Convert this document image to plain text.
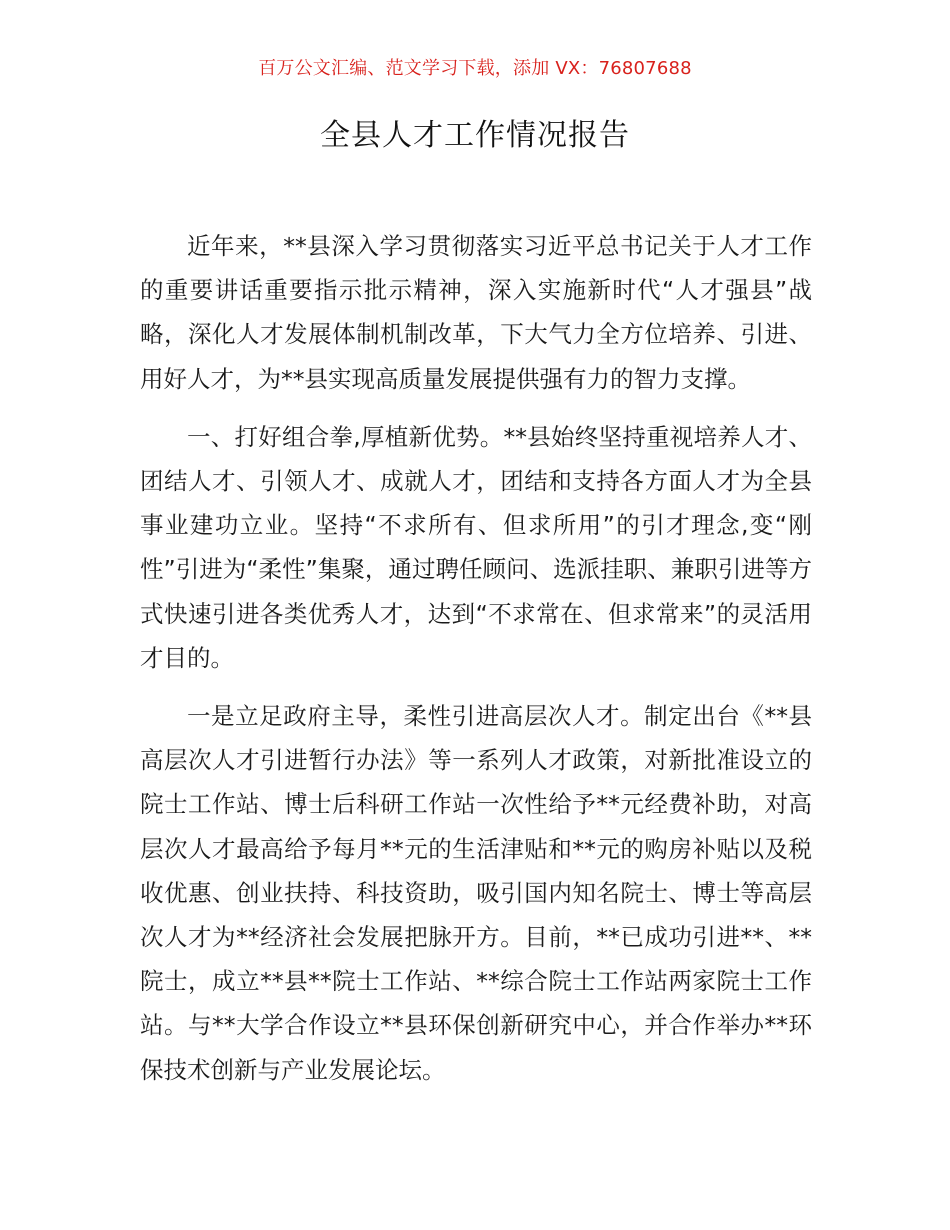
百万公文汇编、范文学习下载，添加 VX：76807688
全县人才工作情况报告

近年来，**县深入学习贯彻落实习近平总书记关于人才工作的重要讲话重要指示批示精神，深入实施新时代“人才强县”战略，深化人才发展体制机制改革，下大气力全方位培养、引进、用好人才，为**县实现高质量发展提供强有力的智力支撑。

一、打好组合拳,厚植新优势。**县始终坚持重视培养人才、团结人才、引领人才、成就人才，团结和支持各方面人才为全县事业建功立业。坚持“不求所有、但求所用”的引才理念,变“刚性”引进为“柔性”集聚，通过聘任顾问、选派挂职、兼职引进等方式快速引进各类优秀人才，达到“不求常在、但求常来”的灵活用才目的。

一是立足政府主导，柔性引进高层次人才。制定出台《**县高层次人才引进暂行办法》等一系列人才政策，对新批准设立的院士工作站、博士后科研工作站一次性给予**元经费补助，对高层次人才最高给予每月**元的生活津贴和**元的购房补贴以及税收优惠、创业扶持、科技资助，吸引国内知名院士、博士等高层次人才为**经济社会发展把脉开方。目前，**已成功引进**、**院士，成立**县**院士工作站、**综合院士工作站两家院士工作站。与**大学合作设立**县环保创新研究中心，并合作举办**环保技术创新与产业发展论坛。
